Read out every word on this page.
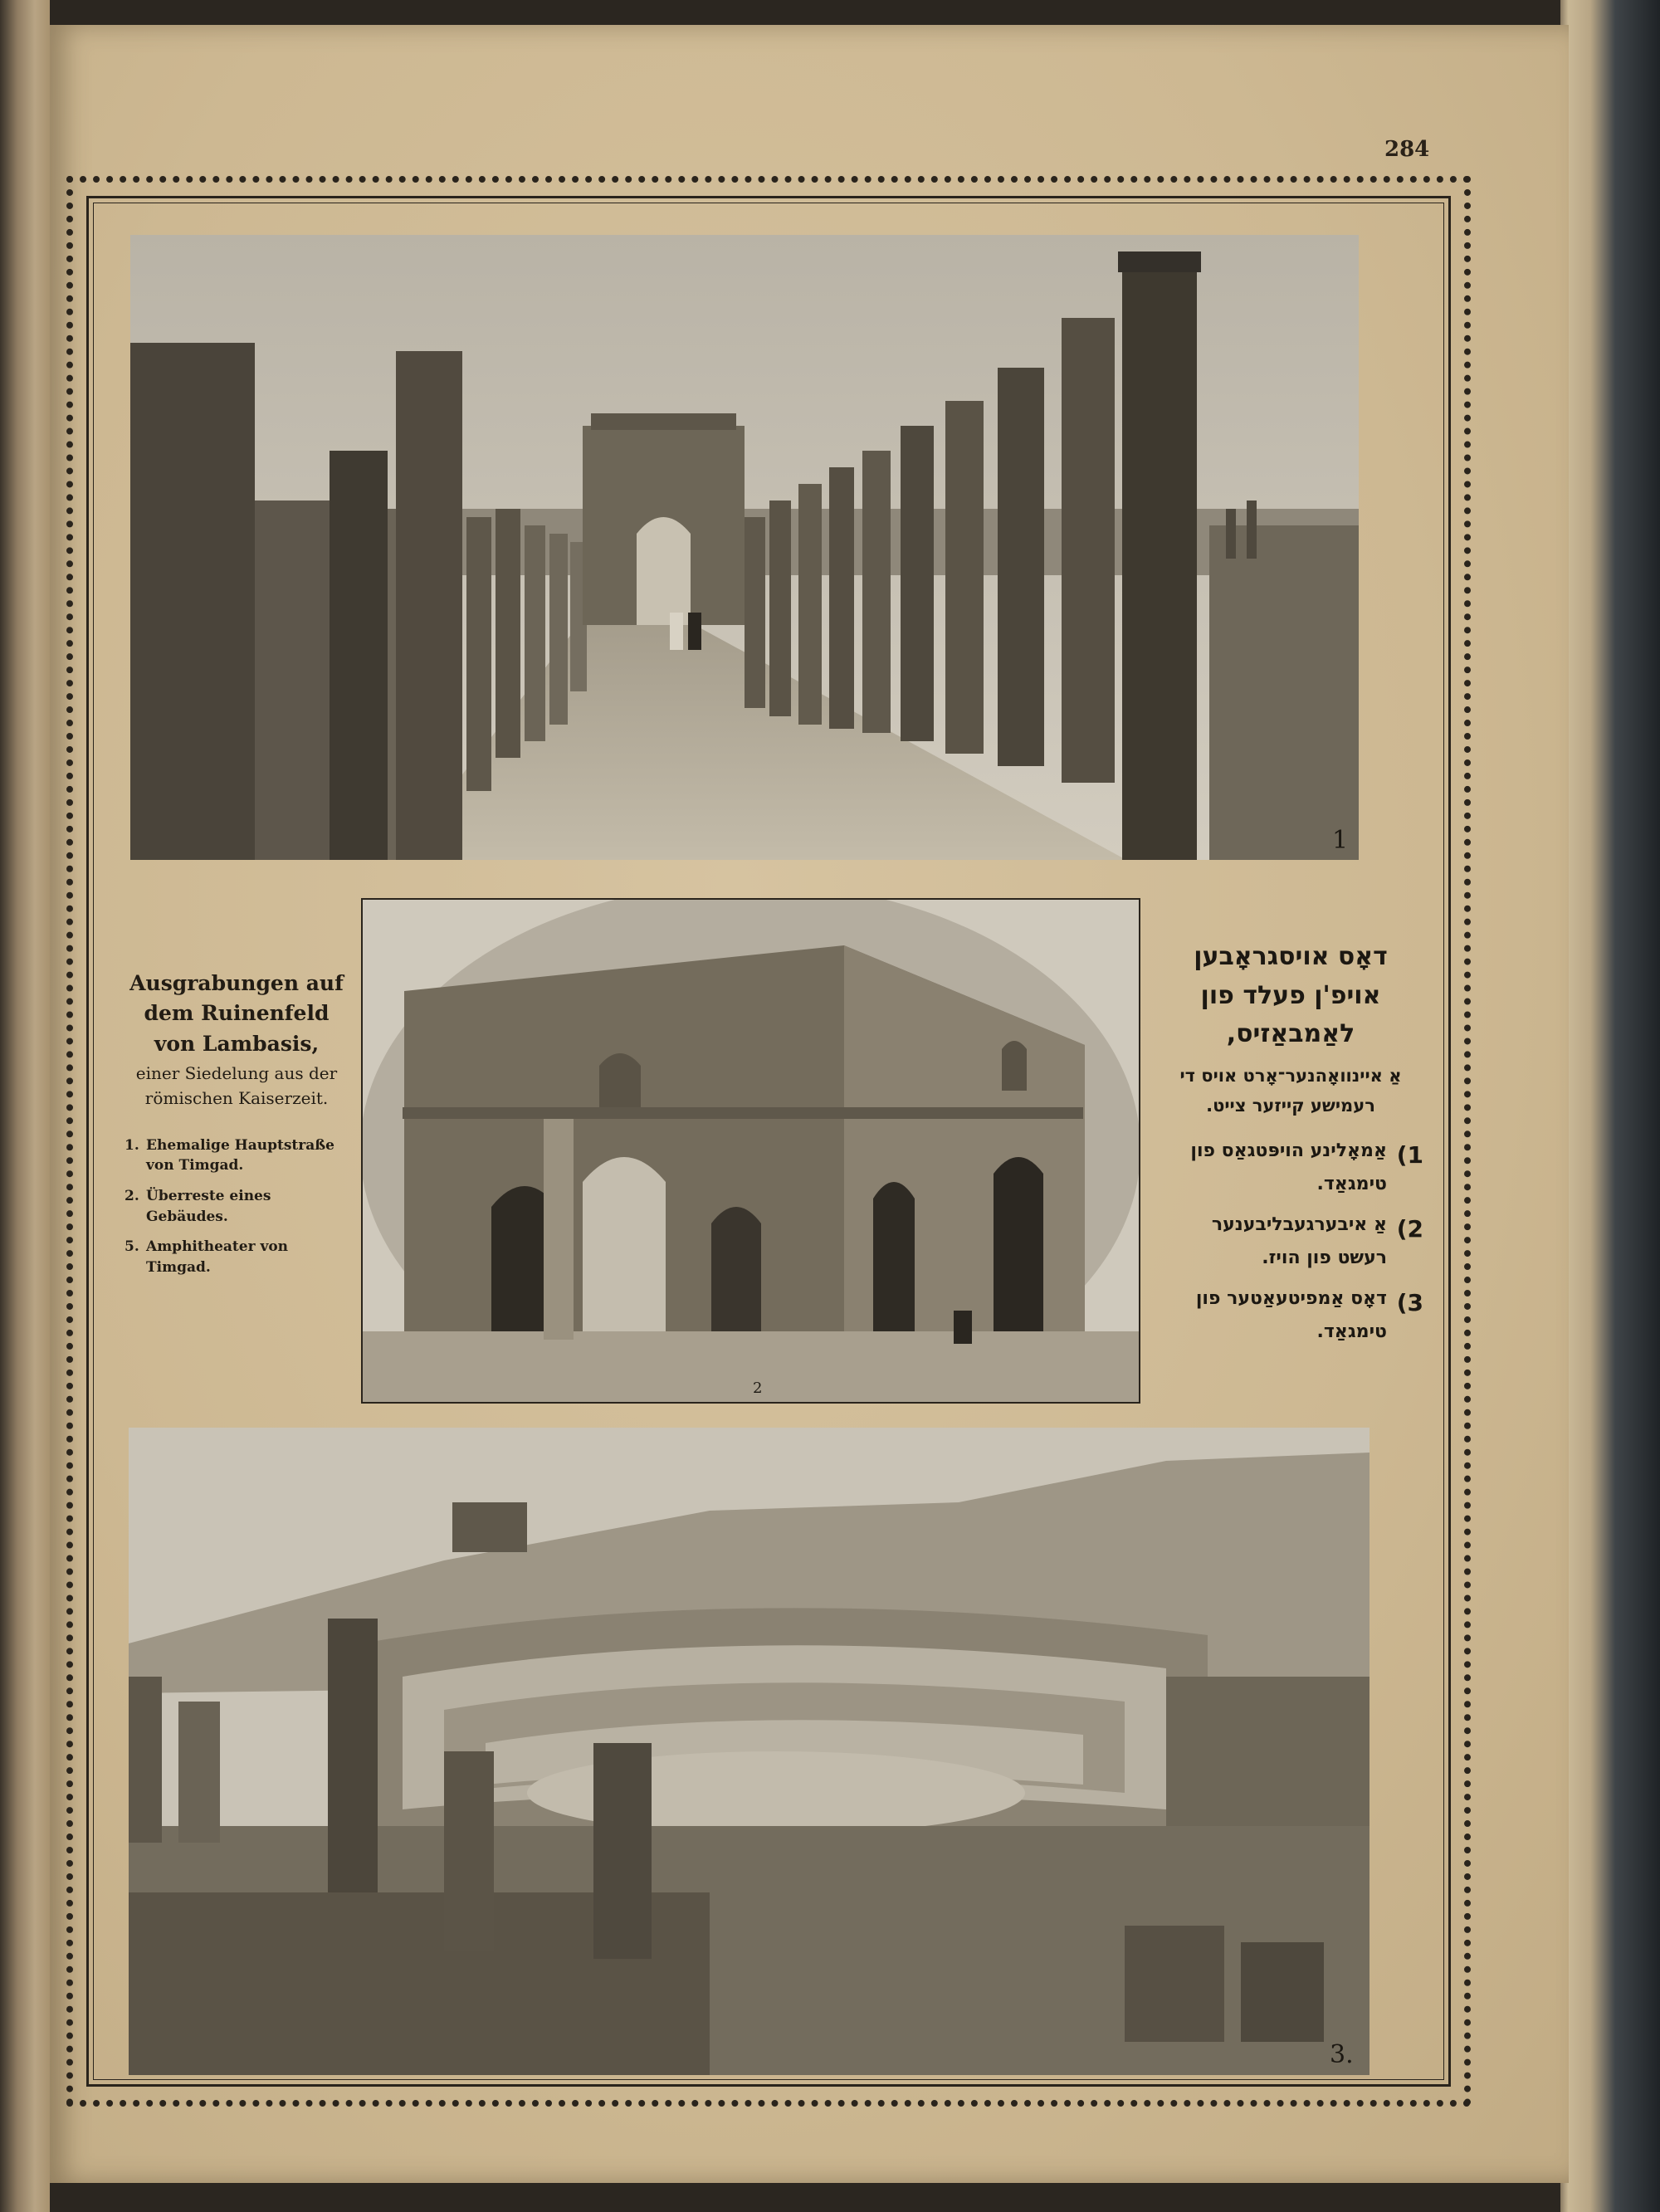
284
1
2
3.
Ausgrabungen auf dem Ruinenfeld von Lambasis,
einer Siedelung aus der römischen Kaiserzeit.
1. Ehemalige Hauptstraße von Timgad.
2. Überreste eines Gebäudes.
5. Amphitheater von Timgad.
דאָס אויסגראָבען אויפ'ן פעלד פון לאַמבאַזיס,
אַ איינוואָהנער־אָרט אויס די רעמישע קייזער צייט.
1)
אַמאָלינע הויפּטגאַס פון טימגאַד.
2)
אַ איבערגעבליבענער רעשט פון הויז.
3)
דאָס אַמפיטעאַטער פון טימגאַד.
